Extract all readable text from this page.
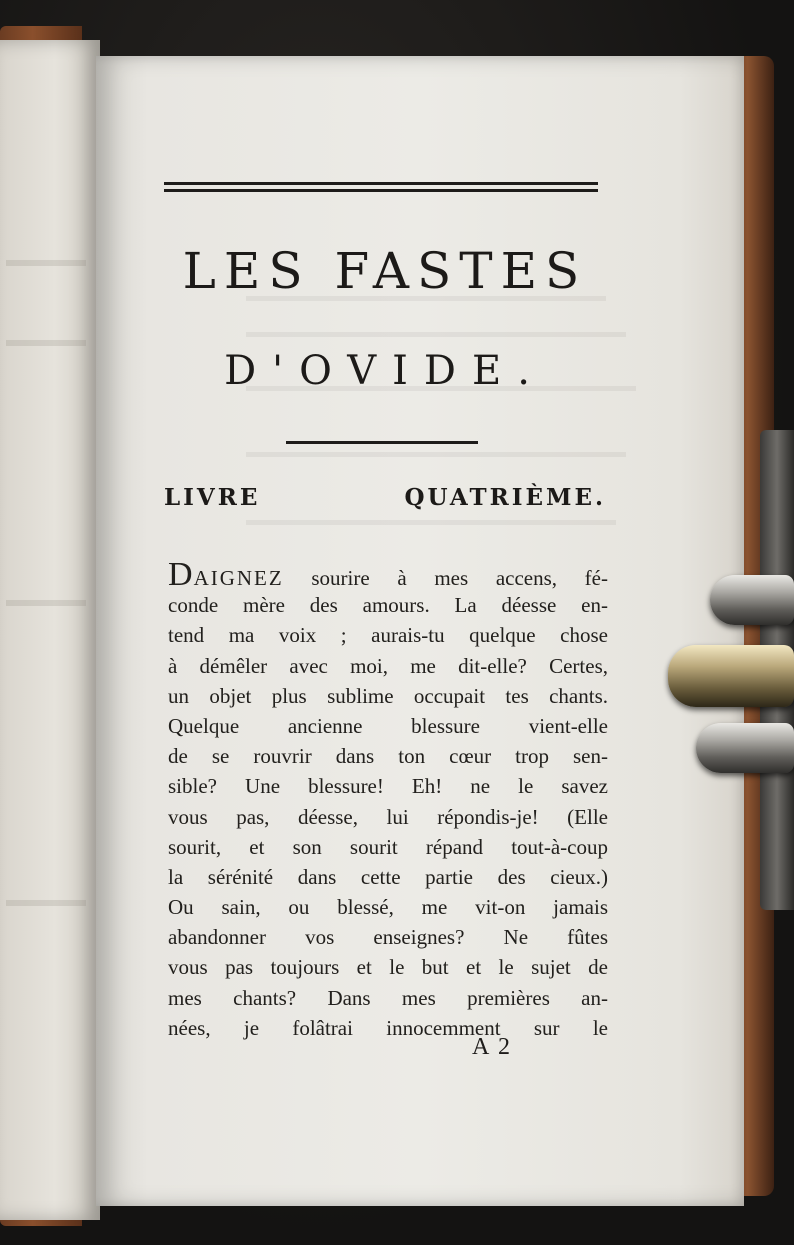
LES FASTES
D'OVIDE.
LIVRE QUATRIÈME.
DAIGNEZ sourire à mes accens, fé-
conde mère des amours. La déesse en-
tend ma voix ; aurais-tu quelque chose
à démêler avec moi, me dit-elle? Certes,
un objet plus sublime occupait tes chants.
Quelque ancienne blessure vient-elle
de se rouvrir dans ton cœur trop sen-
sible? Une blessure! Eh! ne le savez
vous pas, déesse, lui répondis-je! (Elle
sourit, et son sourit répand tout-à-coup
la sérénité dans cette partie des cieux.)
Ou sain, ou blessé, me vit-on jamais
abandonner vos enseignes? Ne fûtes
vous pas toujours et le but et le sujet de
mes chants? Dans mes premières an-
nées, je folâtrai innocemment sur le
A 2
